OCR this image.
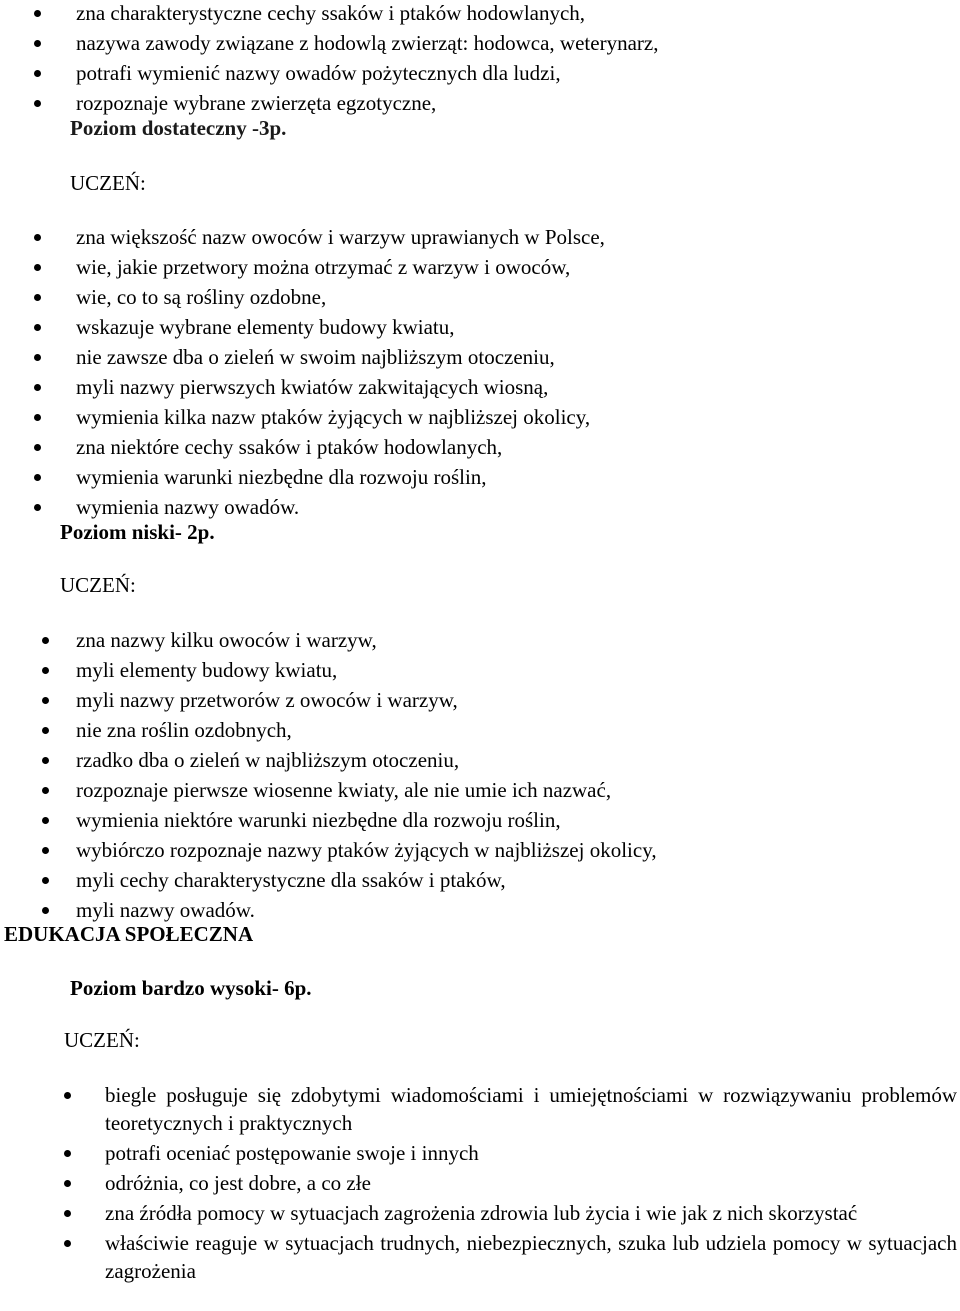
zna charakterystyczne cechy ssaków i ptaków hodowlanych,
nazywa zawody związane z hodowlą zwierząt: hodowca, weterynarz,
potrafi wymienić nazwy owadów pożytecznych dla ludzi,
rozpoznaje wybrane zwierzęta egzotyczne,
Poziom dostateczny -3p.
UCZEŃ:
zna większość nazw owoców i warzyw uprawianych w Polsce,
wie, jakie przetwory można otrzymać z warzyw i owoców,
wie, co to są rośliny ozdobne,
wskazuje wybrane elementy budowy kwiatu,
nie zawsze dba o zieleń w swoim najbliższym otoczeniu,
myli nazwy pierwszych kwiatów zakwitających wiosną,
wymienia kilka nazw ptaków żyjących w najbliższej okolicy,
zna niektóre cechy ssaków i ptaków hodowlanych,
wymienia warunki niezbędne dla rozwoju roślin,
wymienia nazwy owadów.
Poziom niski- 2p.
UCZEŃ:
zna nazwy kilku owoców i warzyw,
myli elementy budowy kwiatu,
myli nazwy przetworów z owoców i warzyw,
nie zna roślin ozdobnych,
rzadko dba o zieleń w najbliższym otoczeniu,
rozpoznaje pierwsze wiosenne kwiaty, ale nie umie ich nazwać,
wymienia niektóre warunki niezbędne dla rozwoju roślin,
wybiórczo rozpoznaje nazwy ptaków żyjących w najbliższej okolicy,
myli cechy charakterystyczne dla ssaków i ptaków,
myli nazwy owadów.
EDUKACJA SPOŁECZNA
Poziom bardzo wysoki- 6p.
UCZEŃ:
biegle posługuje się zdobytymi wiadomościami i umiejętnościami w rozwiązywaniu problemów teoretycznych i praktycznych
potrafi oceniać postępowanie swoje i innych
odróżnia, co jest dobre, a co złe
zna źródła pomocy w sytuacjach zagrożenia zdrowia lub życia i wie jak z nich skorzystać
właściwie reaguje w sytuacjach trudnych, niebezpiecznych, szuka lub udziela pomocy w sytuacjach zagrożenia
